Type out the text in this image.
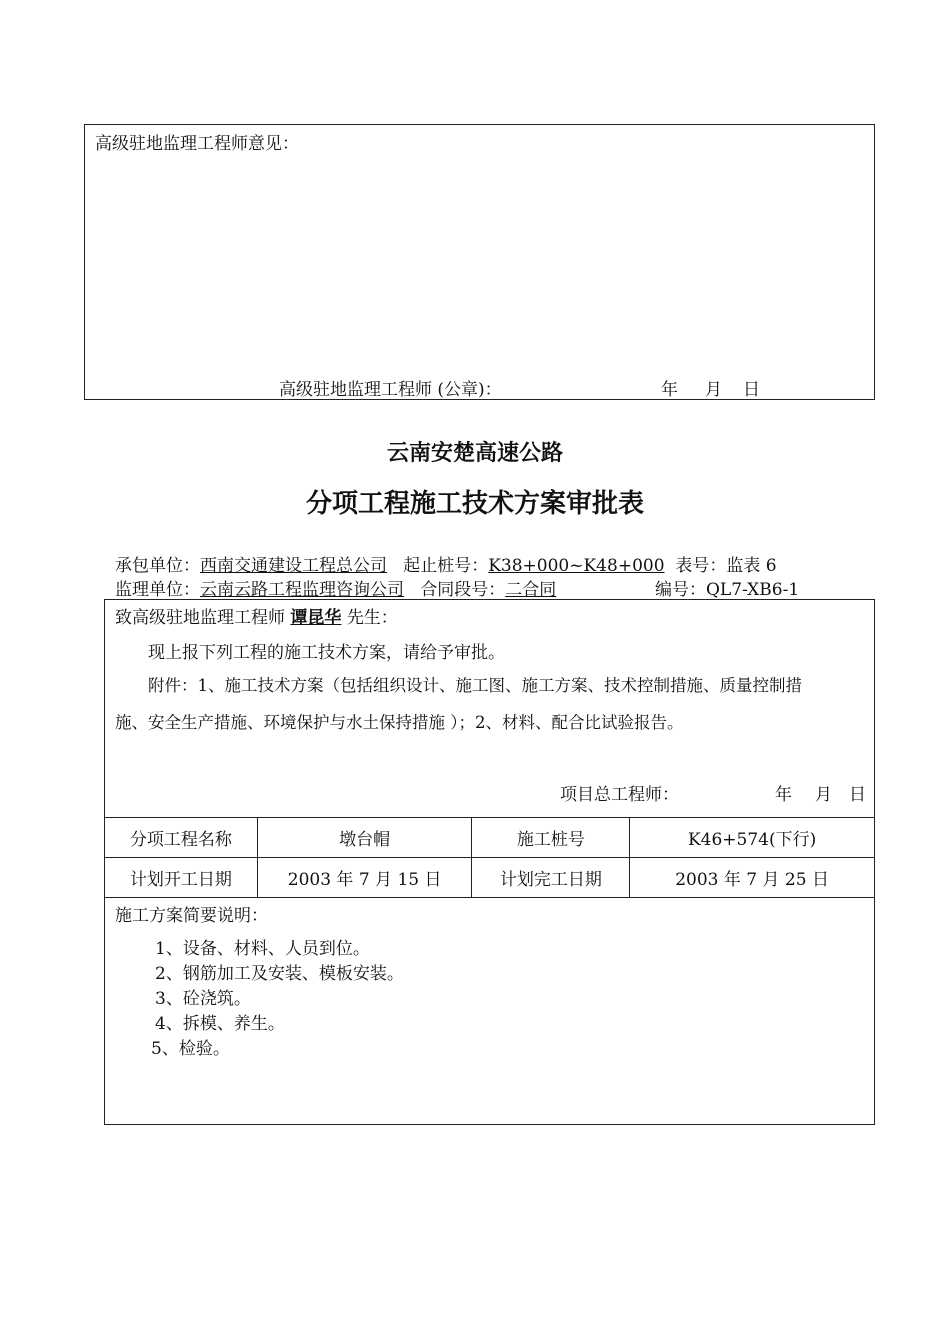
高级驻地监理工程师意见：
高级驻地监理工程师 (公章)：	年 月 日
云南安楚高速公路
分项工程施工技术方案审批表
承包单位：西南交通建设工程总公司 起止桩号：K38+000~K48+000 表号：监表 6
监理单位：云南云路工程监理咨询公司 合同段号：二合同	编号：QL7-XB6-1
致高级驻地监理工程师 谭昆华 先生：
现上报下列工程的施工技术方案，请给予审批。
附件：1、施工技术方案（包括组织设计、施工图、施工方案、技术控制措施、质量控制措
施、安全生产措施、环境保护与水土保持措施 ）；2、材料、配合比试验报告。
项目总工程师：	年 月 日
分项工程名称	墩台帽	施工桩号	K46+574(下行)
计划开工日期	2003 年 7 月 15 日	计划完工日期	2003 年 7 月 25 日
施工方案简要说明：
1、设备、材料、人员到位。
2、钢筋加工及安装、模板安装。
3、砼浇筑。
4、拆模、养生。
5、检验。
